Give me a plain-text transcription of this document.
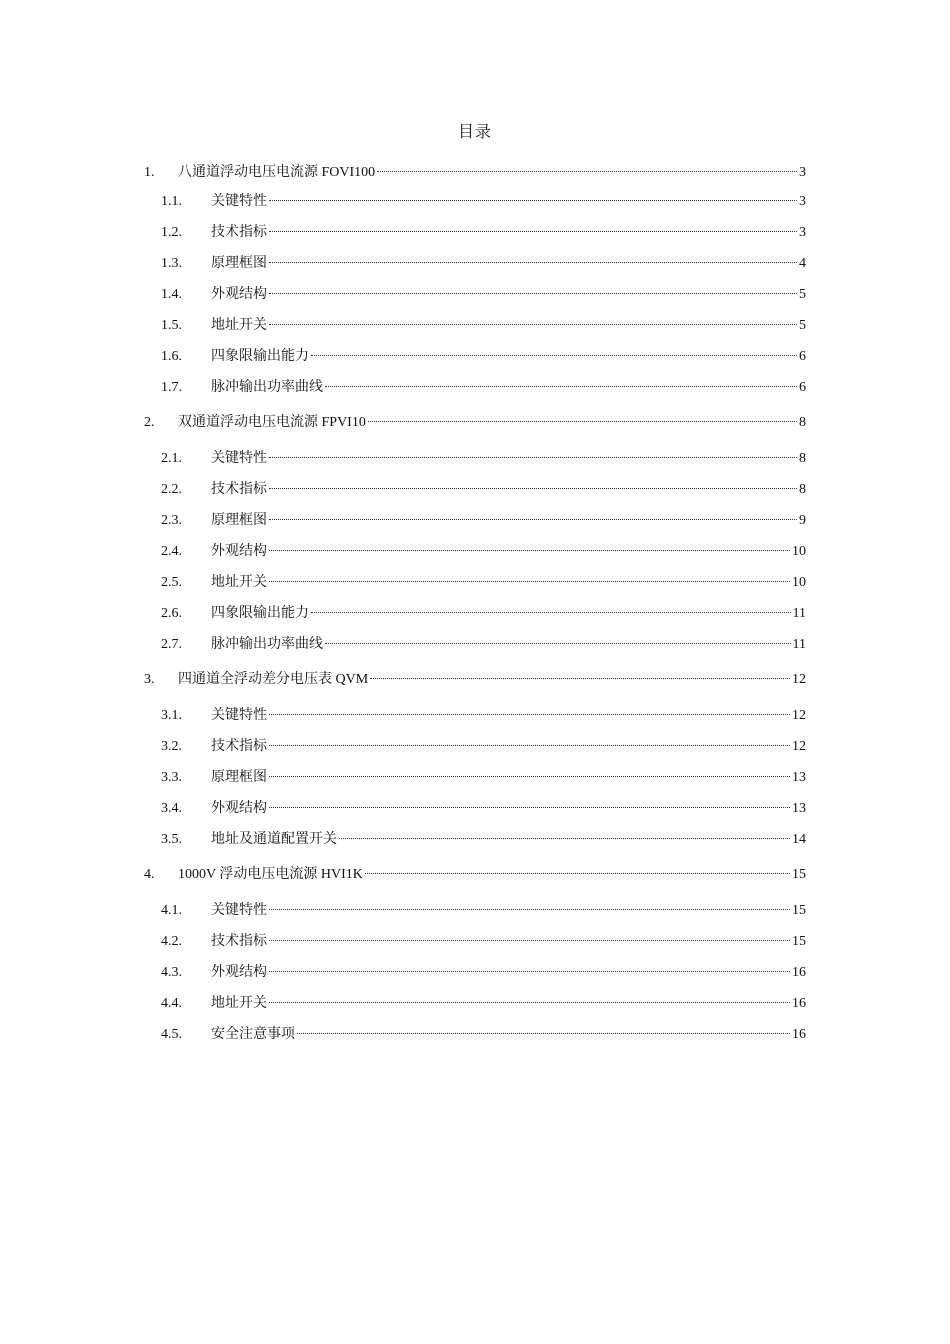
目录
1.	八通道浮动电压电流源 FOVI100	3
1.1.	关键特性	3
1.2.	技术指标	3
1.3.	原理框图	4
1.4.	外观结构	5
1.5.	地址开关	5
1.6.	四象限输出能力	6
1.7.	脉冲输出功率曲线	6
2.	双通道浮动电压电流源 FPVI10	8
2.1.	关键特性	8
2.2.	技术指标	8
2.3.	原理框图	9
2.4.	外观结构	10
2.5.	地址开关	10
2.6.	四象限输出能力	11
2.7.	脉冲输出功率曲线	11
3.	四通道全浮动差分电压表 QVM	12
3.1.	关键特性	12
3.2.	技术指标	12
3.3.	原理框图	13
3.4.	外观结构	13
3.5.	地址及通道配置开关	14
4.	1000V 浮动电压电流源 HVI1K	15
4.1.	关键特性	15
4.2.	技术指标	15
4.3.	外观结构	16
4.4.	地址开关	16
4.5.	安全注意事项	16
